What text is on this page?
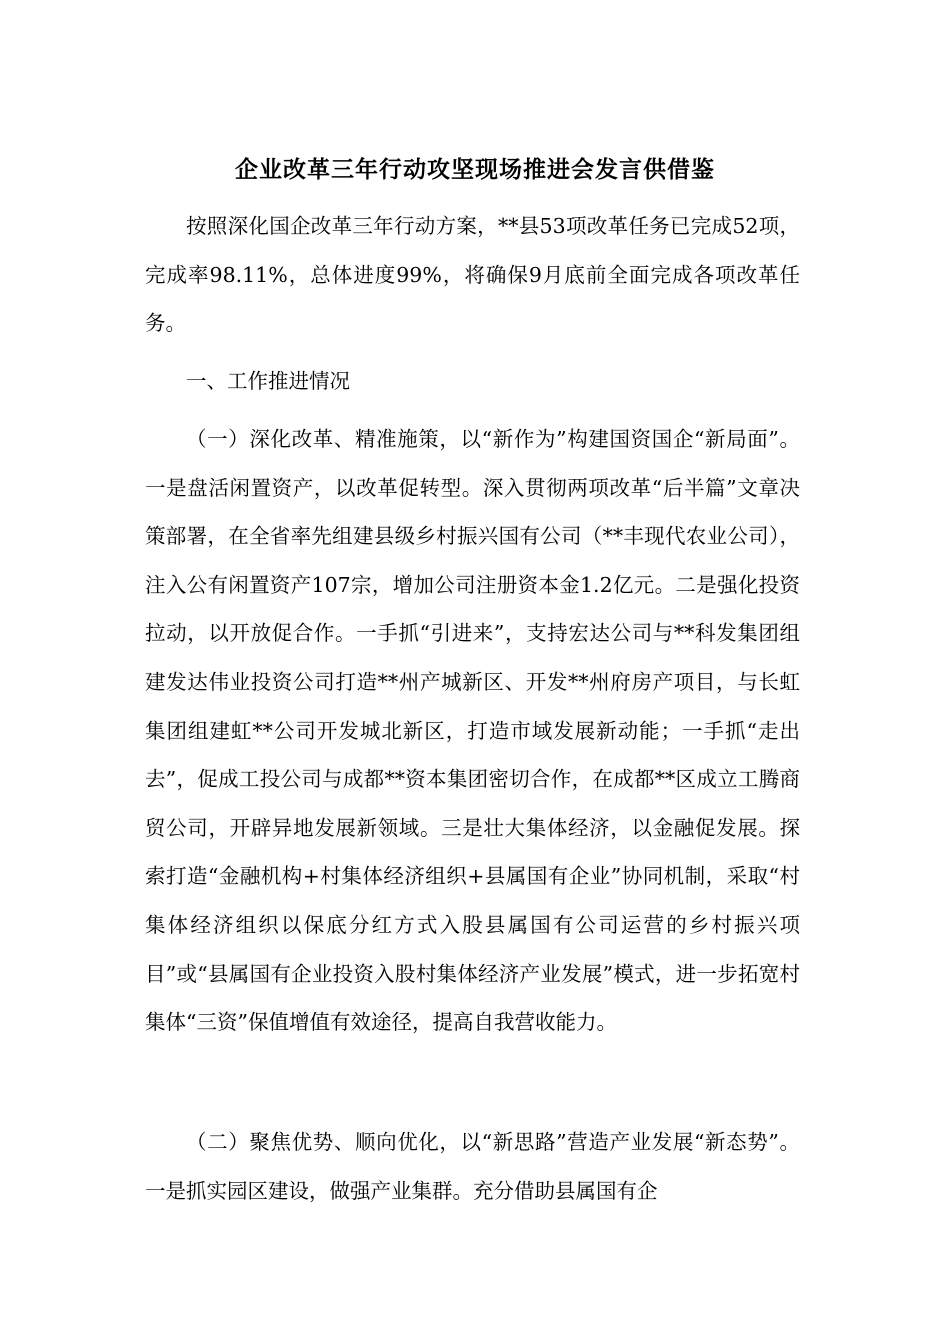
企业改革三年行动攻坚现场推进会发言供借鉴

按照深化国企改革三年行动方案，**县53项改革任务已完成52项，完成率98.11%，总体进度99%，将确保9月底前全面完成各项改革任务。

一、工作推进情况

（一）深化改革、精准施策，以“新作为”构建国资国企“新局面”。一是盘活闲置资产，以改革促转型。深入贯彻两项改革“后半篇”文章决策部署，在全省率先组建县级乡村振兴国有公司（**丰现代农业公司），注入公有闲置资产107宗，增加公司注册资本金1.2亿元。二是强化投资拉动，以开放促合作。一手抓“引进来”，支持宏达公司与**科发集团组建发达伟业投资公司打造**州产城新区、开发**州府房产项目，与长虹集团组建虹**公司开发城北新区，打造市域发展新动能；一手抓“走出去”，促成工投公司与成都**资本集团密切合作，在成都**区成立工腾商贸公司，开辟异地发展新领域。三是壮大集体经济，以金融促发展。探索打造“金融机构+村集体经济组织+县属国有企业”协同机制，采取“村集体经济组织以保底分红方式入股县属国有公司运营的乡村振兴项目”或“县属国有企业投资入股村集体经济产业发展”模式，进一步拓宽村集体“三资”保值增值有效途径，提高自我营收能力。

（二）聚焦优势、顺向优化，以“新思路”营造产业发展“新态势”。一是抓实园区建设，做强产业集群。充分借助县属国有企
